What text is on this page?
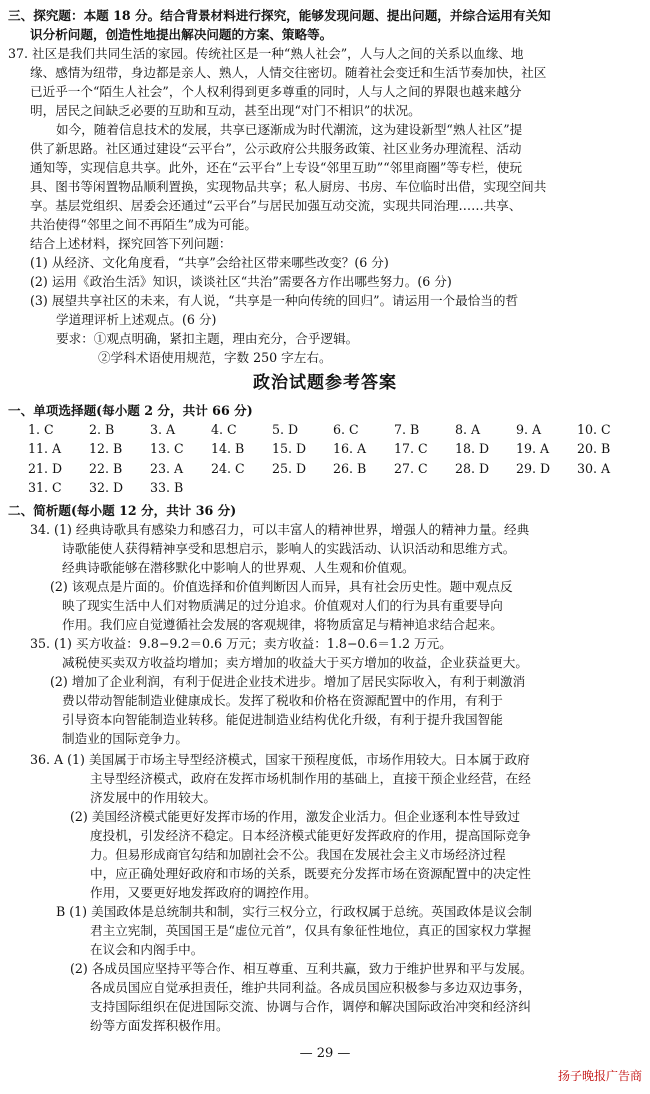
三、探究题：本题 18 分。结合背景材料进行探究，能够发现问题、提出问题，并综合运用有关知
识分析问题，创造性地提出解决问题的方案、策略等。
37. 社区是我们共同生活的家园。传统社区是一种“熟人社会”，人与人之间的关系以血缘、地
缘、感情为纽带，身边都是亲人、熟人，人情交往密切。随着社会变迁和生活节奏加快，社区
已近乎一个“陌生人社会”，个人权利得到更多尊重的同时，人与人之间的界限也越来越分
明，居民之间缺乏必要的互助和互动，甚至出现“对门不相识”的状况。
如今，随着信息技术的发展，共享已逐渐成为时代潮流，这为建设新型“熟人社区”提
供了新思路。社区通过建设“云平台”，公示政府公共服务政策、社区业务办理流程、活动
通知等，实现信息共享。此外，还在“云平台”上专设“邻里互助”“邻里商圈”等专栏，使玩
具、图书等闲置物品顺利置换，实现物品共享；私人厨房、书房、车位临时出借，实现空间共
享。基层党组织、居委会还通过“云平台”与居民加强互动交流，实现共同治理……共享、
共治使得“邻里之间不再陌生”成为可能。
结合上述材料，探究回答下列问题：
(1) 从经济、文化角度看，“共享”会给社区带来哪些改变？(6 分)
(2) 运用《政治生活》知识，谈谈社区“共治”需要各方作出哪些努力。(6 分)
(3) 展望共享社区的未来，有人说，“共享是一种向传统的回归”。请运用一个最恰当的哲
学道理评析上述观点。(6 分)
要求：①观点明确，紧扣主题，理由充分，合乎逻辑。
②学科术语使用规范，字数 250 字左右。
政治试题参考答案
一、单项选择题(每小题 2 分，共计 66 分)
1. C	2. B	3. A	4. C	5. D	6. C	7. B	8. A	9. A	10. C
11. A	12. B	13. C	14. B	15. D	16. A	17. C	18. D	19. A	20. B
21. D	22. B	23. A	24. C	25. D	26. B	27. C	28. D	29. D	30. A
31. C	32. D	33. B
二、简析题(每小题 12 分，共计 36 分)
34. (1) 经典诗歌具有感染力和感召力，可以丰富人的精神世界，增强人的精神力量。经典
诗歌能使人获得精神享受和思想启示，影响人的实践活动、认识活动和思维方式。
经典诗歌能够在潜移默化中影响人的世界观、人生观和价值观。
(2) 该观点是片面的。价值选择和价值判断因人而异，具有社会历史性。题中观点反
映了现实生活中人们对物质满足的过分追求。价值观对人们的行为具有重要导向
作用。我们应自觉遵循社会发展的客观规律，将物质富足与精神追求结合起来。
35. (1) 买方收益：9.8−9.2＝0.6 万元；卖方收益：1.8−0.6＝1.2 万元。
减税使买卖双方收益均增加；卖方增加的收益大于买方增加的收益，企业获益更大。
(2) 增加了企业利润，有利于促进企业技术进步。增加了居民实际收入，有利于刺激消
费以带动智能制造业健康成长。发挥了税收和价格在资源配置中的作用，有利于
引导资本向智能制造业转移。能促进制造业结构优化升级，有利于提升我国智能
制造业的国际竞争力。
36. A (1) 美国属于市场主导型经济模式，国家干预程度低，市场作用较大。日本属于政府
主导型经济模式，政府在发挥市场机制作用的基础上，直接干预企业经营，在经
济发展中的作用较大。
(2) 美国经济模式能更好发挥市场的作用，激发企业活力。但企业逐利本性导致过
度投机，引发经济不稳定。日本经济模式能更好发挥政府的作用，提高国际竞争
力。但易形成商官勾结和加剧社会不公。我国在发展社会主义市场经济过程
中，应正确处理好政府和市场的关系，既要充分发挥市场在资源配置中的决定性
作用，又要更好地发挥政府的调控作用。
B (1) 美国政体是总统制共和制，实行三权分立，行政权属于总统。英国政体是议会制
君主立宪制，英国国王是“虚位元首”，仅具有象征性地位，真正的国家权力掌握
在议会和内阁手中。
(2) 各成员国应坚持平等合作、相互尊重、互利共赢，致力于维护世界和平与发展。
各成员国应自觉承担责任，维护共同利益。各成员国应积极参与多边双边事务，
支持国际组织在促进国际交流、协调与合作，调停和解决国际政治冲突和经济纠
纷等方面发挥积极作用。
— 29 —
扬子晚报广告商
